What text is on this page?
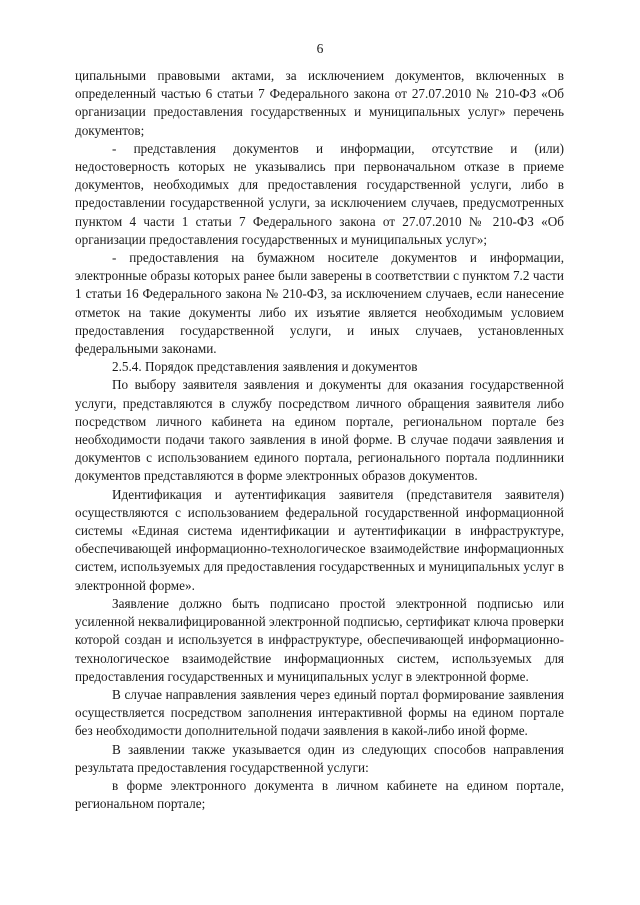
6

ципальными правовыми актами, за исключением документов, включенных в определенный частью 6 статьи 7 Федерального закона от 27.07.2010 № 210-ФЗ «Об организации предоставления государственных и муниципальных услуг» перечень документов;

- представления документов и информации, отсутствие и (или) недостоверность которых не указывались при первоначальном отказе в приеме документов, необходимых для предоставления государственной услуги, либо в предоставлении государственной услуги, за исключением случаев, предусмотренных пунктом 4 части 1 статьи 7 Федерального закона от 27.07.2010 № 210-ФЗ «Об организации предоставления государственных и муниципальных услуг»;

- предоставления на бумажном носителе документов и информации, электронные образы которых ранее были заверены в соответствии с пунктом 7.2 части 1 статьи 16 Федерального закона № 210-ФЗ, за исключением случаев, если нанесение отметок на такие документы либо их изъятие является необходимым условием предоставления государственной услуги, и иных случаев, установленных федеральными законами.

2.5.4. Порядок представления заявления и документов

По выбору заявителя заявления и документы для оказания государственной услуги, представляются в службу посредством личного обращения заявителя либо посредством личного кабинета на едином портале, региональном портале без необходимости подачи такого заявления в иной форме. В случае подачи заявления и документов с использованием единого портала, регионального портала подлинники документов представляются в форме электронных образов документов.

Идентификация и аутентификация заявителя (представителя заявителя) осуществляются с использованием федеральной государственной информационной системы «Единая система идентификации и аутентификации в инфраструктуре, обеспечивающей информационно-технологическое взаимодействие информационных систем, используемых для предоставления государственных и муниципальных услуг в электронной форме».

Заявление должно быть подписано простой электронной подписью или усиленной неквалифицированной электронной подписью, сертификат ключа проверки которой создан и используется в инфраструктуре, обеспечивающей информационно-технологическое взаимодействие информационных систем, используемых для предоставления государственных и муниципальных услуг в электронной форме.

В случае направления заявления через единый портал формирование заявления осуществляется посредством заполнения интерактивной формы на едином портале без необходимости дополнительной подачи заявления в какой-либо иной форме.

В заявлении также указывается один из следующих способов направления результата предоставления государственной услуги:

в форме электронного документа в личном кабинете на едином портале, региональном портале;
